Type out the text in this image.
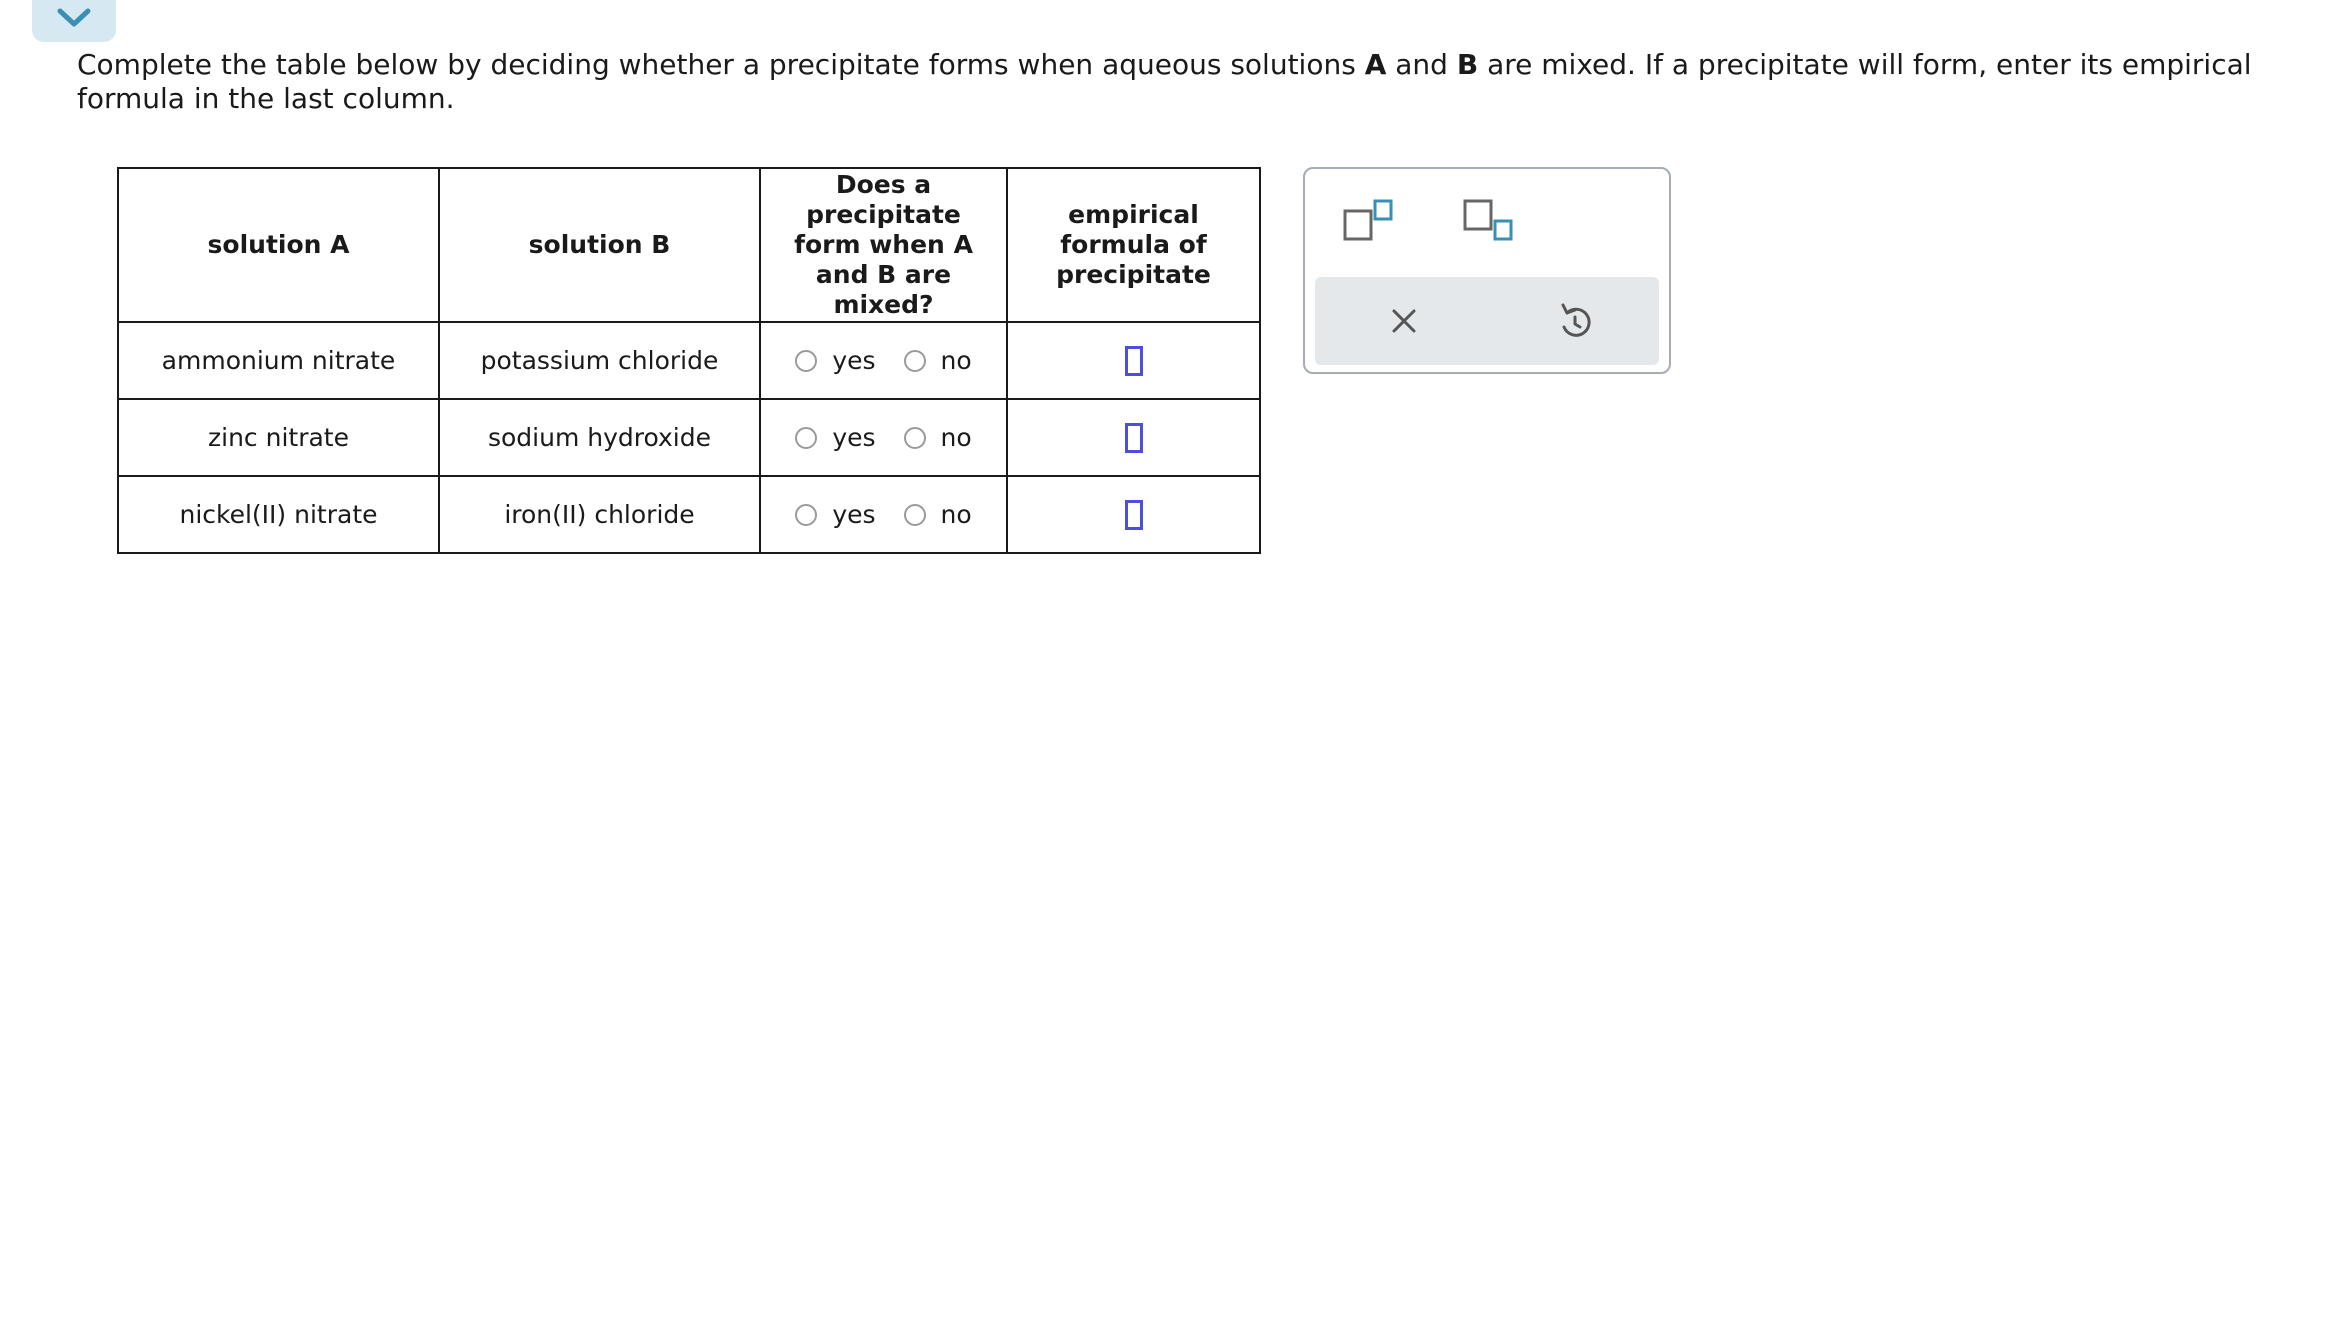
Complete the table below by deciding whether a precipitate forms when aqueous solutions A and B are mixed. If a precipitate will form, enter its empirical formula in the last column.

solution A	solution B	Does a precipitate form when A and B are mixed?	empirical formula of precipitate
ammonium nitrate	potassium chloride	yes no	

zinc nitrate	sodium hydroxide	yes no	

nickel(II) nitrate	iron(II) chloride	yes no	
